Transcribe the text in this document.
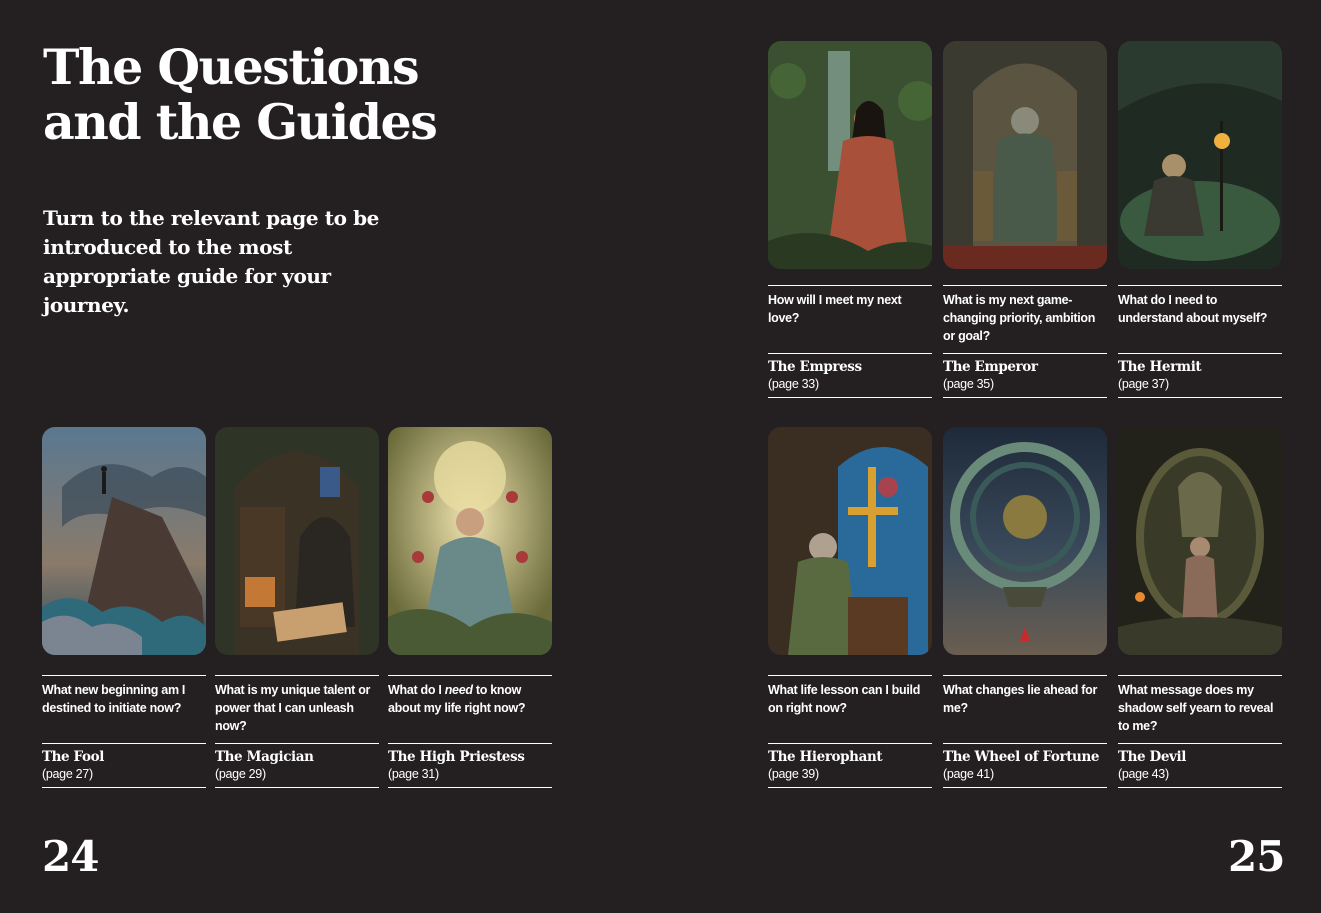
The Questions
and the Guides

Turn to the relevant page to be introduced to the most appropriate guide for your journey.

What new beginning am I destined to initiate now?

The Fool

(page 27)

What is my unique talent or power that I can unleash now?

The Magician

(page 29)

What do I need to know about my life right now?

The High Priestess

(page 31)

How will I meet my next love?

The Empress

(page 33)

What is my next game-changing priority, ambition or goal?

The Emperor

(page 35)

What do I need to understand about myself?

The Hermit

(page 37)

What life lesson can I build on right now?

The Hierophant

(page 39)

What changes lie ahead for me?

The Wheel of Fortune

(page 41)

What message does my shadow self yearn to reveal to me?

The Devil

(page 43)

24	25
